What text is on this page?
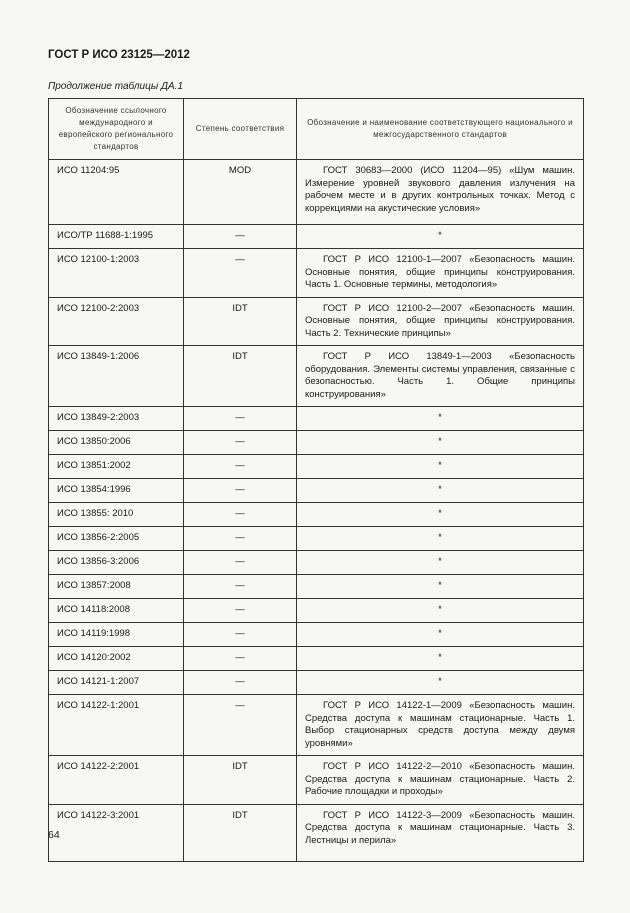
ГОСТ Р ИСО 23125—2012
Продолжение таблицы ДА.1
Обозначение ссылочного международного и европейского регионального стандартов	Степень соответствия	Обозначение и наименование соответствующего национального и межгосударственного стандартов
ИСО 11204:95	MOD	ГОСТ 30683—2000 (ИСО 11204—95) «Шум машин. Измерение уровней звукового давления излучения на рабочем месте и в других контрольных точках. Метод с коррекциями на акустические условия»
ИСО/TP 11688-1:1995	—	*
ИСО 12100-1:2003	—	ГОСТ Р ИСО 12100-1—2007 «Безопасность машин. Основные понятия, общие принципы конструирования. Часть 1. Основные термины, методология»
ИСО 12100-2:2003	IDT	ГОСТ Р ИСО 12100-2—2007 «Безопасность машин. Основные понятия, общие принципы конструирования. Часть 2. Технические принципы»
ИСО 13849-1:2006	IDT	ГОСТ Р ИСО 13849-1—2003 «Безопасность оборудования. Элементы системы управления, связанные с безопасностью. Часть 1. Общие принципы конструирования»
ИСО 13849-2:2003	—	*
ИСО 13850:2006	—	*
ИСО 13851:2002	—	*
ИСО 13854:1996	—	*
ИСО 13855: 2010	—	*
ИСО 13856-2:2005	—	*
ИСО 13856-3:2006	—	*
ИСО 13857:2008	—	*
ИСО 14118:2008	—	*
ИСО 14119:1998	—	*
ИСО 14120:2002	—	*
ИСО 14121-1:2007	—	*
ИСО 14122-1:2001	—	ГОСТ Р ИСО 14122-1—2009 «Безопасность машин. Средства доступа к машинам стационарные. Часть 1. Выбор стационарных средств доступа между двумя уровнями»
ИСО 14122-2:2001	IDT	ГОСТ Р ИСО 14122-2—2010 «Безопасность машин. Средства доступа к машинам стационарные. Часть 2. Рабочие площадки и проходы»
ИСО 14122-3:2001	IDT	ГОСТ Р ИСО 14122-3—2009 «Безопасность машин. Средства доступа к машинам стационарные. Часть 3. Лестницы и перила»
64
